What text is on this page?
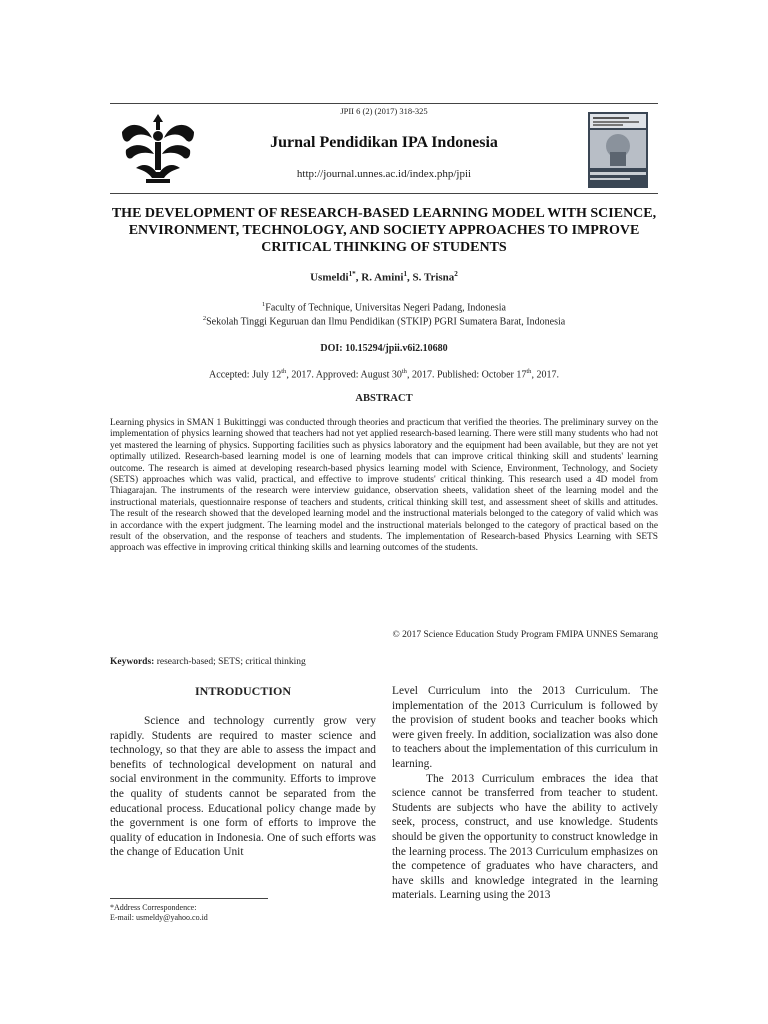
JPII 6 (2) (2017) 318-325
Jurnal Pendidikan IPA Indonesia
http://journal.unnes.ac.id/index.php/jpii
THE DEVELOPMENT OF RESEARCH-BASED LEARNING MODEL WITH SCIENCE, ENVIRONMENT, TECHNOLOGY, AND SOCIETY APPROACHES TO IMPROVE CRITICAL THINKING OF STUDENTS
Usmeldi$^{1*}$, R. Amini$^1$, S. Trisna$^2$
$^1$Faculty of Technique, Universitas Negeri Padang, Indonesia
$^2$Sekolah Tinggi Keguruan dan Ilmu Pendidikan (STKIP) PGRI Sumatera Barat, Indonesia
DOI: 10.15294/jpii.v6i2.10680
Accepted: July 12th, 2017. Approved: August 30th, 2017. Published: October 17th, 2017.
ABSTRACT
Learning physics in SMAN 1 Bukittinggi was conducted through theories and practicum that verified the theories. The preliminary survey on the implementation of physics learning showed that teachers had not yet applied research-based learning. There were still many students who had not yet mastered the learning of physics. Supporting facilities such as physics laboratory and the equipment had been available, but they are not yet optimally utilized. Research-based learning model is one of learning models that can improve critical thinking skill and students' learning outcome. The research is aimed at developing research-based physics learning model with Science, Environment, Technology, and Society (SETS) approaches which was valid, practical, and effective to improve students' critical thinking. This research used a 4D model from Thiagarajan. The instruments of the research were interview guidance, observation sheets, validation sheet of the learning model and the instructional materials, questionnaire response of teachers and students, critical thinking skill test, and assessment sheet of skills and attitudes. The result of the research showed that the developed learning model and the instructional materials belonged to the category of valid which was in accordance with the expert judgment. The learning model and the instructional materials belonged to the category of practical based on the result of the observation, and the response of teachers and students. The implementation of Research-based Physics Learning with SETS approach was effective in improving critical thinking skills and learning outcomes of the students.
© 2017 Science Education Study Program FMIPA UNNES Semarang
Keywords: research-based; SETS; critical thinking
INTRODUCTION

Science and technology currently grow very rapidly. Students are required to master science and technology, so that they are able to assess the impact and benefits of technological development on natural and social environment in the community. Efforts to improve the quality of students cannot be separated from the educational process. Educational policy change made by the government is one form of efforts to improve the quality of education in Indonesia. One of such efforts was the change of Education Unit

Level Curriculum into the 2013 Curriculum. The implementation of the 2013 Curriculum is followed by the provision of student books and teacher books which were given freely. In addition, socialization was also done to teachers about the implementation of this curriculum in learning.

The 2013 Curriculum embraces the idea that science cannot be transferred from teacher to student. Students are subjects who have the ability to actively seek, process, construct, and use knowledge. Students should be given the opportunity to construct knowledge in the learning process. The 2013 Curriculum emphasizes on the competence of graduates who have characters, and have skills and knowledge integrated in the learning materials. Learning using the 2013

*Address Correspondence:
E-mail: usmeldy@yahoo.co.id
